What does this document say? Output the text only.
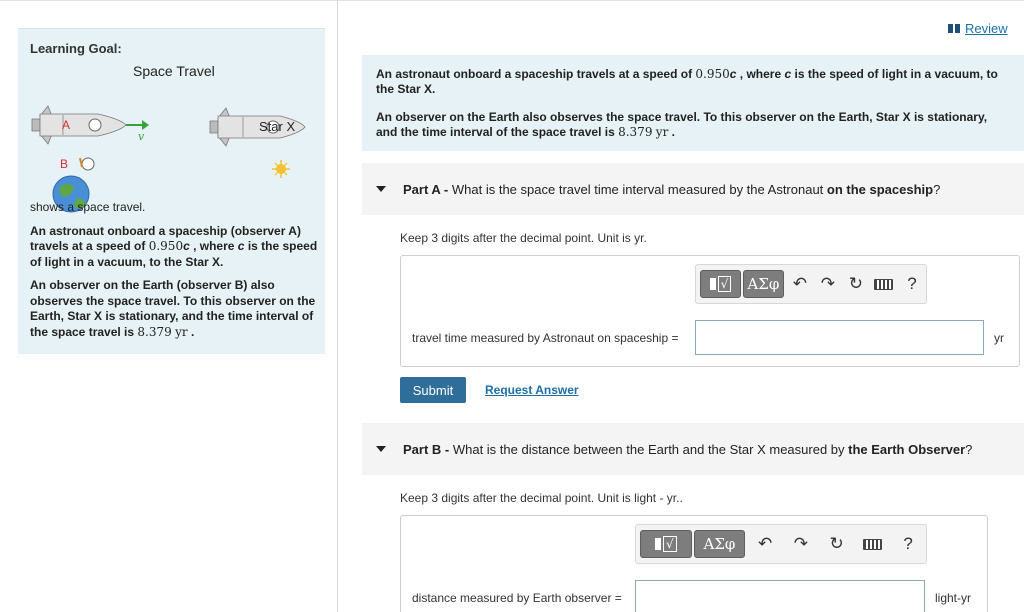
Learning Goal:
Space Travel
A
v
B
Star X

shows a space travel.

An astronaut onboard a spaceship (observer A) travels at a speed of 0.950c , where c is the speed of light in a vacuum, to the Star X.

An observer on the Earth (observer B) also observes the space travel. To this observer on the Earth, Star X is stationary, and the time interval of the space travel is 8.379 yr .

Review

An astronaut onboard a spaceship travels at a speed of 0.950c , where c is the speed of light in a vacuum, to the Star X.

An observer on the Earth also observes the space travel. To this observer on the Earth, Star X is stationary, and the time interval of the space travel is 8.379 yr .

Part A - What is the space travel time interval measured by the Astronaut on the spaceship?
Keep 3 digits after the decimal point. Unit is yr.
√ ΑΣφ ↶ ↷ ↻	?
travel time measured by Astronaut on spaceship =	yr
Submit	Request Answer
Part B - What is the distance between the Earth and the Star X measured by the Earth Observer?
Keep 3 digits after the decimal point. Unit is light - yr..
√	ΑΣφ	↶	↷	↻	?
distance measured by Earth observer =	light-yr
